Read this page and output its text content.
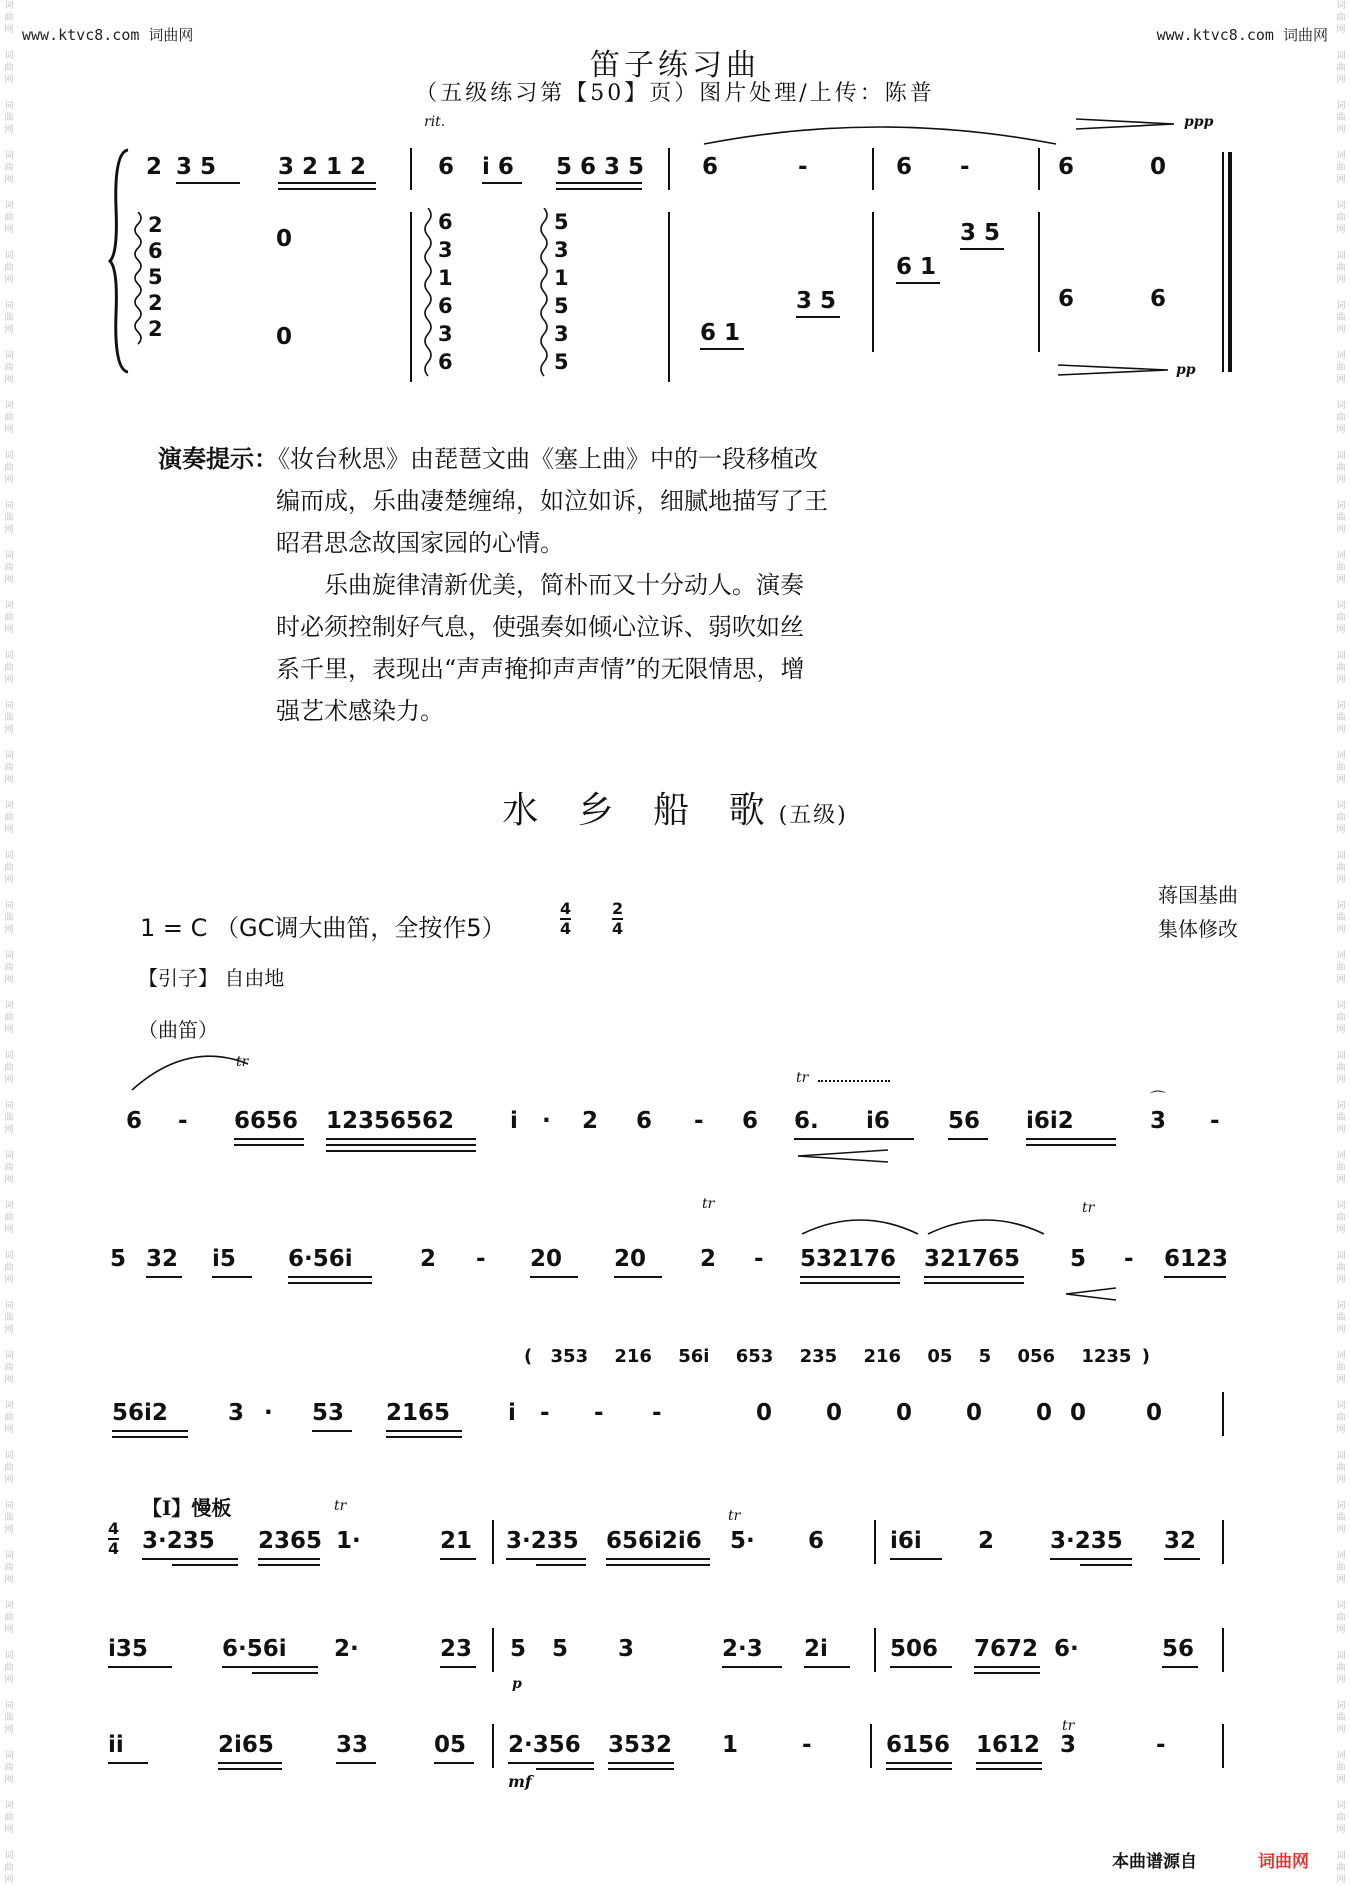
词
曲
网
词
曲
网
词
曲
网
词
曲
网
词
曲
网
词
曲
网
词
曲
网
词
曲
网
词
曲
网
词
曲
网
词
曲
网
词
曲
网
词
曲
网
词
曲
网
词
曲
网
词
曲
网
词
曲
网
词
曲
网
词
曲
网
词
曲
网
词
曲
网
词
曲
网
词
曲
网
词
曲
网
词
曲
网
词
曲
网
词
曲
网
词
曲
网
词
曲
网
词
曲
网
词
曲
网
词
曲
网
词
曲
网
词
曲
网
词
曲
网
词
曲
网
词
曲
网
词
曲
网
词
曲
网
词
曲
网
词
曲
网
词
曲
网
词
曲
网
词
曲
网
词
曲
网
词
曲
网
词
曲
网
词
曲
网
词
曲
网
词
曲
网
词
曲
网
词
曲
网
词
曲
网
词
曲
网
词
曲
网
词
曲
网
词
曲
网
词
曲
网
词
曲
网
词
曲
网
词
曲
网
词
曲
网
词
曲
网
词
曲
网
词
曲
网
词
曲
网
词
曲
网
词
曲
网
词
曲
网
词
曲
网
词
曲
网
词
曲
网
词
曲
网
词
曲
网
词
曲
网
词
曲
网
www.ktvc8.com 词曲网	www.ktvc8.com 词曲网
笛子练习曲
（五级练习第【50】页）图片处理/上传：陈普
rit.	ppp
pp
2 3 5	3 2 1 2	6 i 6 5 6 3 5	6	-	6 -	6	0
0
0	6 1
3 5
6 1
3 5
6	6
2
6
5
2
2
6
3
1
6
3
6
5
3
1
5
3
5

演奏提示：《妆台秋思》由琵琶文曲《塞上曲》中的一段移植改

编而成，乐曲凄楚缠绵，如泣如诉，细腻地描写了王

昭君思念故国家园的心情。

乐曲旋律清新优美，简朴而又十分动人。演奏

时必须控制好气息，使强奏如倾心泣诉、弱吹如丝

系千里，表现出“声声掩抑声声情”的无限情思，增

强艺术感染力。

水 乡 船 歌(五级)
蒋国基曲
集体修改
1 = C （GC调大曲笛，全按作5）
4
4
2
4
【引子】 自由地
（曲笛）
tr
tr
6 - 6656 12356562 i · 2 6 - 6 6. i6	56 i6i2	3 -
⌒
tr	tr
5 32 i5 6·56i	2 - 20 20 2 - 532176 321765 5 - 6123
( 353 216 56i 653 235 216 05 5 056 1235 )
56i2	3 · 53 2165	i - - -	0 0 0 0 0 0	0
4
4
【Ⅰ】慢板	tr
tr
3·235 2365 1·	21 3·235 656i2i6 5· 6	i6i 2 3·235 32
i35	6·56i 2·	23 5 5 3	2·3 2i	506 7672 6·	56
p
tr
ii	2i65	33	05 2·356 3532 1	-	6156 1612 3	-
mf
本曲谱源自	词曲网
